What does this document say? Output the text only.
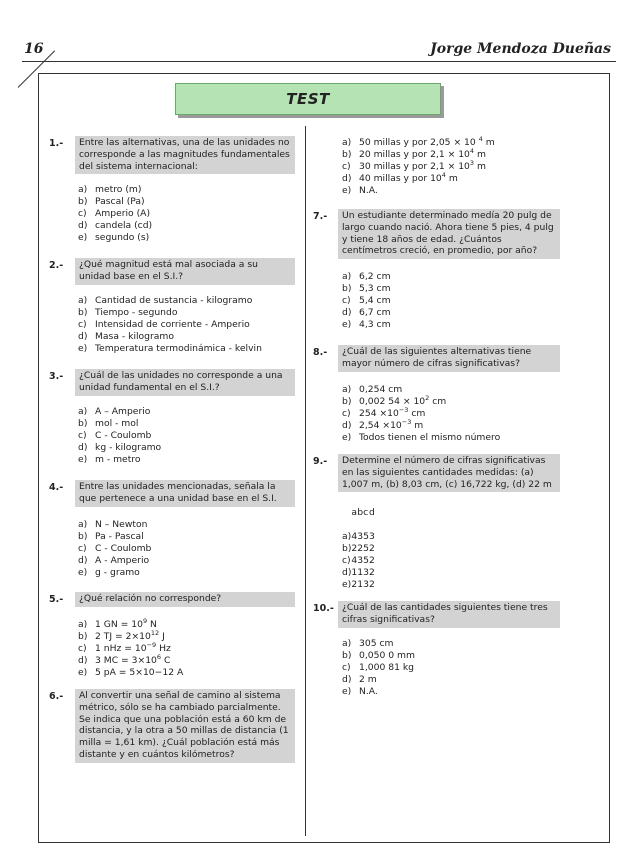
16	Jorge Mendoza Dueñas
TEST
1.-	Entre las alternativas, una de las unidades no corresponde a las magnitudes fundamentales del sistema internacional:
a) metro (m)
b) Pascal (Pa)
c) Amperio (A)
d) candela (cd)
e) segundo (s)
2.-	¿Qué magnitud está mal asociada a su unidad base en el S.I.?
a) Cantidad de sustancia - kilogramo
b) Tiempo - segundo
c) Intensidad de corriente - Amperio
d) Masa - kilogramo
e) Temperatura termodinámica - kelvin
3.-	¿Cuál de las unidades no corresponde a una unidad fundamental en el S.I.?
a) A – Amperio
b) mol - mol
c) C - Coulomb
d) kg - kilogramo
e) m - metro
4.-	Entre las unidades mencionadas, señala la que pertenece a una unidad base en el S.I.
a) N – Newton
b) Pa - Pascal
c) C - Coulomb
d) A - Amperio
e) g - gramo
5.-	¿Qué relación no corresponde?
a) 1 GN = $10^9$ N
b) 2 TJ = $2\times 10^{12}$ J
c) 1 nHz = $10^{-9}$ Hz
d) 3 MC = $3\times 10^6$ C
e) 5 pA = 5×10−12 A
6.-	Al convertir una señal de camino al sistema métrico, sólo se ha cambiado parcialmente. Se indica que una población está a 60 km de distancia, y la otra a 50 millas de distancia (1 milla = 1,61 km). ¿Cuál población está más distante y en cuántos kilómetros?
a) 50 millas y por 2,05 × 10 $^4$ m
b) 20 millas y por $2,1 \times 10^4$ m
c) 30 millas y por $2,1 \times 10^3$ m
d) 40 millas y por $10^4$ m
e) N.A.
7.-	Un estudiante determinado medía 20 pulg de largo cuando nació. Ahora tiene 5 pies, 4 pulg y tiene 18 años de edad. ¿Cuántos centímetros creció, en promedio, por año?
a) 6,2 cm
b) 5,3 cm
c) 5,4 cm
d) 6,7 cm
e) 4,3 cm
8.-	¿Cuál de las siguientes alternativas tiene mayor número de cifras significativas?
a) 0,254 cm
b) 0,002 $54 \times 10^2$ cm
c) $254 \times 10^{-3}$ cm
d) $2,54 \times 10^{-3}$ m
e) Todos tienen el mismo número
9.-	Determine el número de cifras significativas en las siguientes cantidades medidas: (a) 1,007 m, (b) 8,03 cm, (c) 16,722 kg, (d) 22 m
	a	b	c	d

a)	4	3	5	3
b)	2	2	5	2
c)	4	3	5	2
d)	1	1	3	2
e)	2	1	3	2
10.- ¿Cuál de las cantidades siguientes tiene tres cifras significativas?
a) 305 cm
b) 0,050 0 mm
c) 1,000 81 kg
d) 2 m
e) N.A.
